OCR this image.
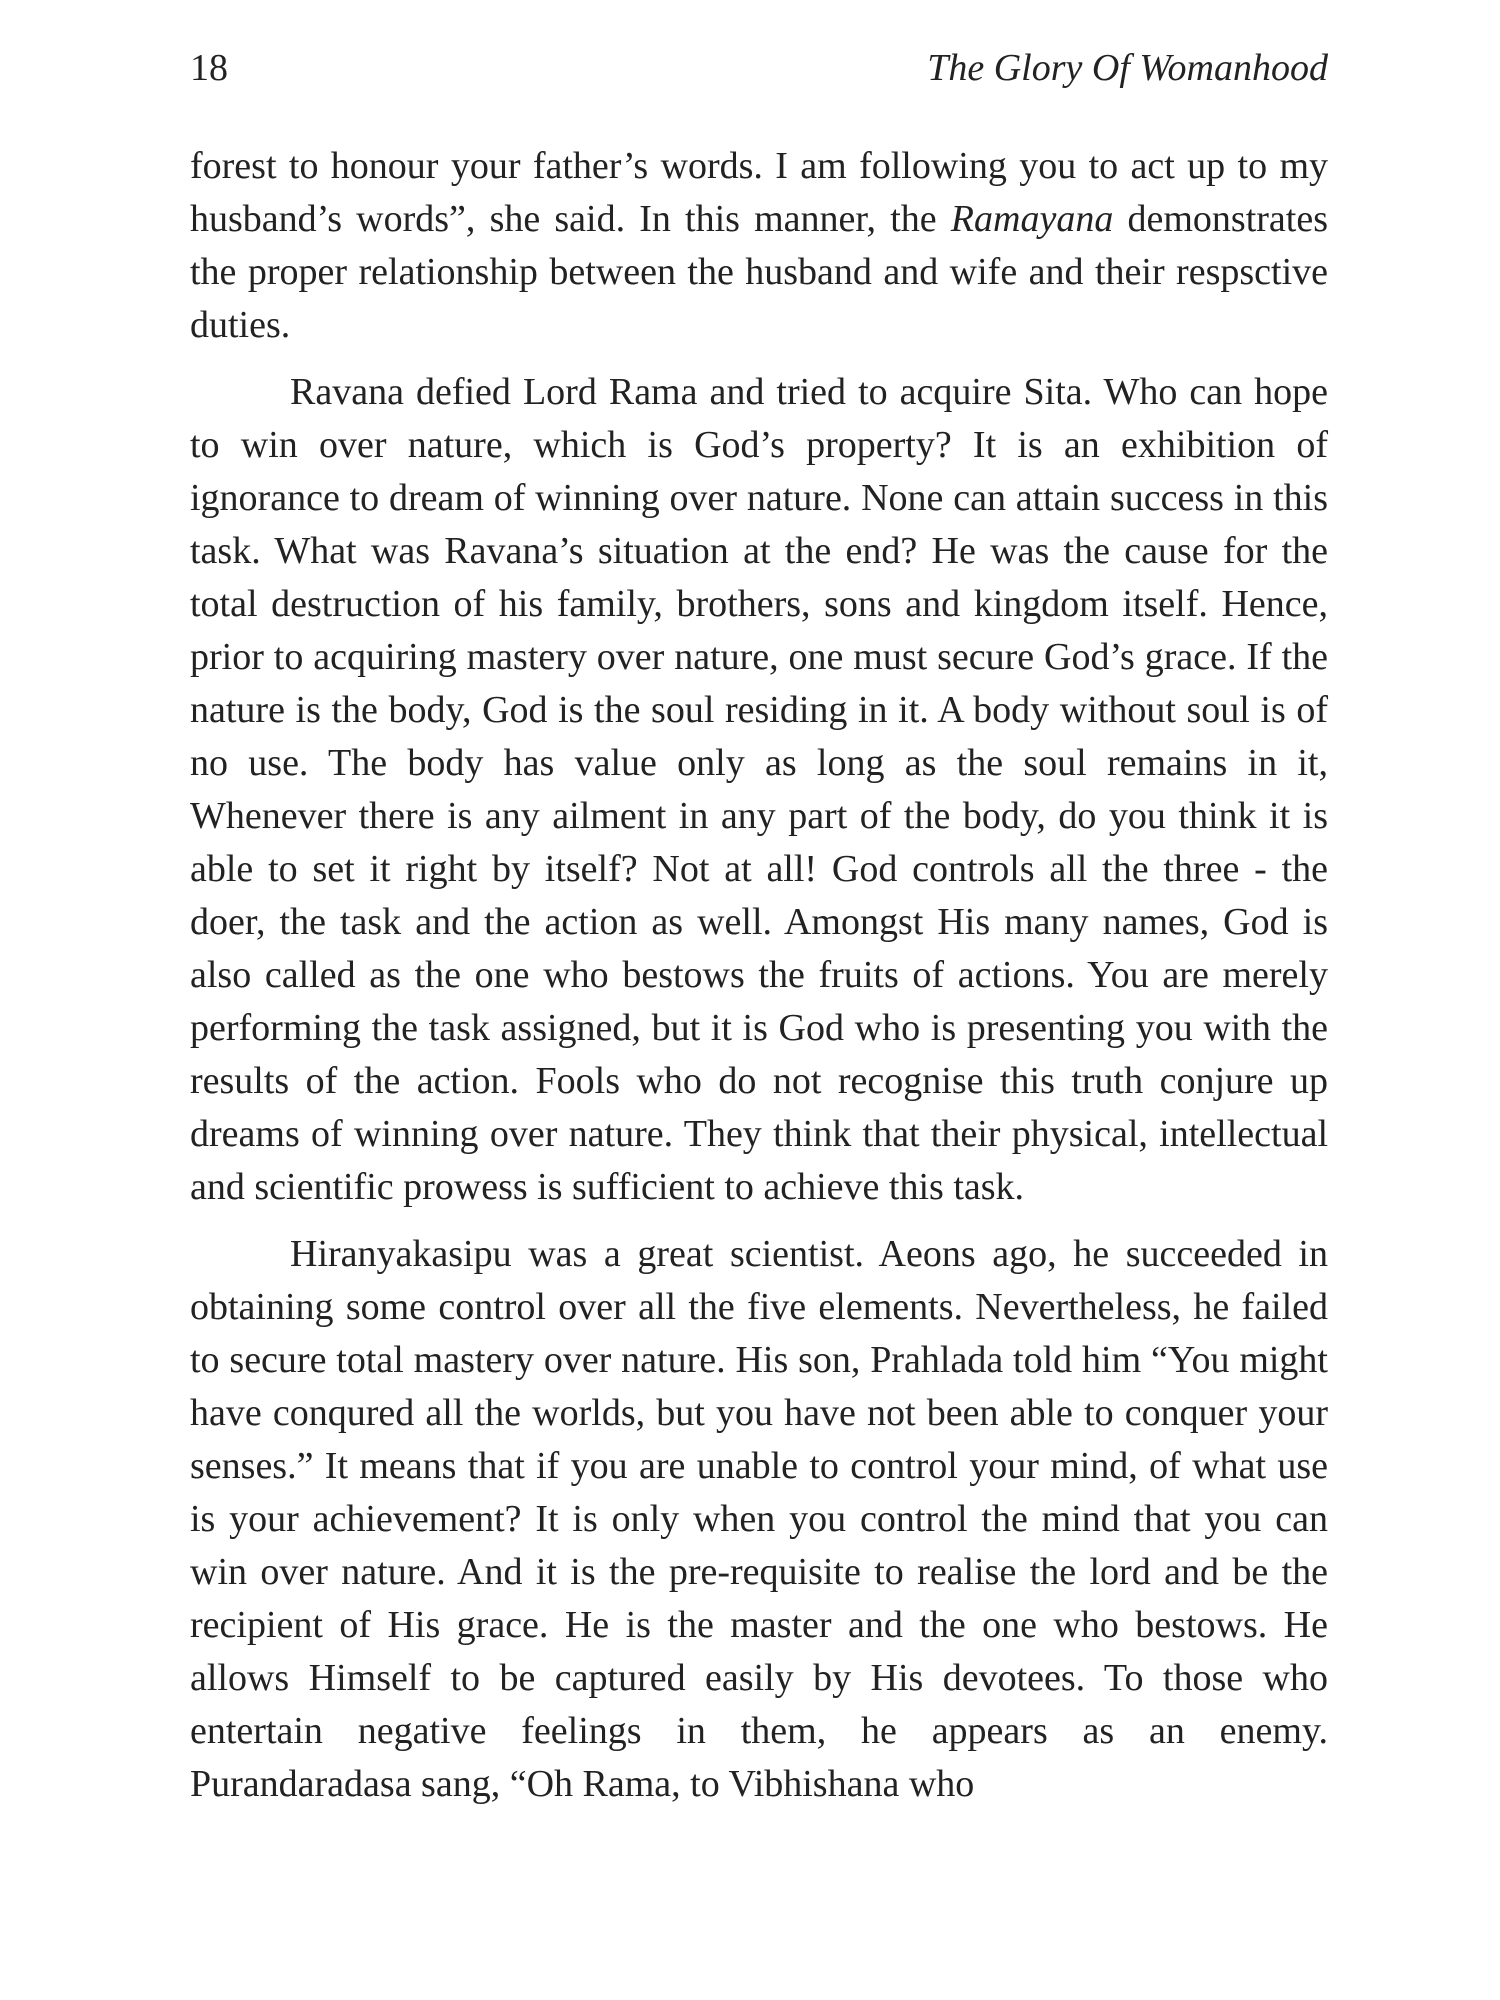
18	The Glory Of Womanhood

forest to honour your father’s words. I am following you to act up to my husband’s words”, she said. In this manner, the Ramayana demonstrates the proper relationship between the husband and wife and their respsctive duties.

Ravana defied Lord Rama and tried to acquire Sita. Who can hope to win over nature, which is God’s property? It is an exhibition of ignorance to dream of winning over nature. None can attain success in this task. What was Ravana’s situation at the end? He was the cause for the total destruction of his family, brothers, sons and kingdom itself. Hence, prior to acquiring mastery over nature, one must secure God’s grace. If the nature is the body, God is the soul residing in it. A body without soul is of no use. The body has value only as long as the soul remains in it, Whenever there is any ailment in any part of the body, do you think it is able to set it right by itself? Not at all! God controls all the three - the doer, the task and the action as well. Amongst His many names, God is also called as the one who bestows the fruits of actions. You are merely performing the task assigned, but it is God who is presenting you with the results of the action. Fools who do not recognise this truth conjure up dreams of winning over nature. They think that their physical, intellectual and scientific prowess is sufficient to achieve this task.

Hiranyakasipu was a great scientist. Aeons ago, he succeeded in obtaining some control over all the five elements. Nevertheless, he failed to secure total mastery over nature. His son, Prahlada told him “You might have conqured all the worlds, but you have not been able to conquer your senses.” It means that if you are unable to control your mind, of what use is your achievement? It is only when you control the mind that you can win over nature. And it is the pre-requisite to realise the lord and be the recipient of His grace. He is the master and the one who bestows. He allows Himself to be captured easily by His devotees. To those who entertain negative feelings in them, he appears as an enemy. Purandaradasa sang, “Oh Rama, to Vibhishana who
